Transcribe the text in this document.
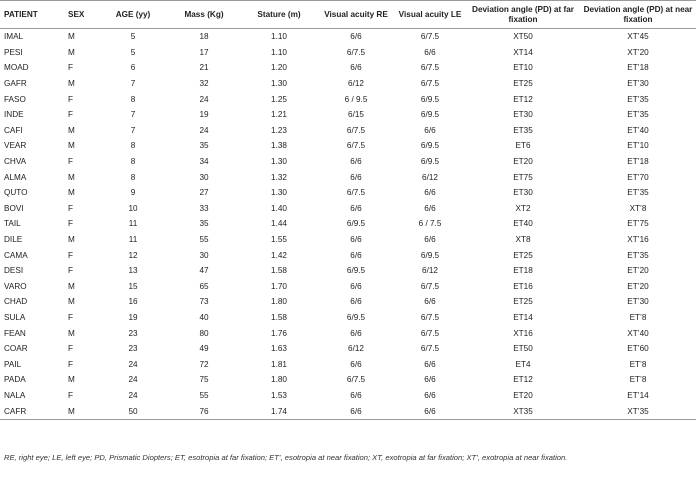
PATIENT	SEX	AGE (yy)	Mass (Kg)	Stature (m)	Visual acuity RE	Visual acuity LE	Deviation angle (PD) at far fixation	Deviation angle (PD) at near fixation
IMAL	M	5	18	1.10	6/6	6/7.5	XT50	XT’45
PESI	M	5	17	1.10	6/7.5	6/6	XT14	XT’20
MOAD	F	6	21	1.20	6/6	6/7.5	ET10	ET’18
GAFR	M	7	32	1.30	6/12	6/7.5	ET25	ET’30
FASO	F	8	24	1.25	6 / 9.5	6/9.5	ET12	ET’35
INDE	F	7	19	1.21	6/15	6/9.5	ET30	ET’35
CAFI	M	7	24	1.23	6/7.5	6/6	ET35	ET’40
VEAR	M	8	35	1.38	6/7.5	6/9.5	ET6	ET’10
CHVA	F	8	34	1.30	6/6	6/9.5	ET20	ET’18
ALMA	M	8	30	1.32	6/6	6/12	ET75	ET’70
QUTO	M	9	27	1.30	6/7.5	6/6	ET30	ET’35
BOVI	F	10	33	1.40	6/6	6/6	XT2	XT’8
TAIL	F	11	35	1.44	6/9.5	6 / 7.5	ET40	ET’75
DILE	M	11	55	1.55	6/6	6/6	XT8	XT’16
CAMA	F	12	30	1.42	6/6	6/9.5	ET25	ET’35
DESI	F	13	47	1.58	6/9.5	6/12	ET18	ET’20
VARO	M	15	65	1.70	6/6	6/7.5	ET16	ET’20
CHAD	M	16	73	1.80	6/6	6/6	ET25	ET’30
SULA	F	19	40	1.58	6/9.5	6/7.5	ET14	ET’8
FEAN	M	23	80	1.76	6/6	6/7.5	XT16	XT’40
COAR	F	23	49	1.63	6/12	6/7.5	ET50	ET’60
PAIL	F	24	72	1.81	6/6	6/6	ET4	ET’8
PADA	M	24	75	1.80	6/7.5	6/6	ET12	ET’8
NALA	F	24	55	1.53	6/6	6/6	ET20	ET’14
CAFR	M	50	76	1.74	6/6	6/6	XT35	XT’35
RE, right eye; LE, left eye; PD, Prismatic Diopters; ET, esotropia at far fixation; ET’, esotropia at near fixation; XT, exotropia at far fixation; XT’, exotropia at near fixation.
